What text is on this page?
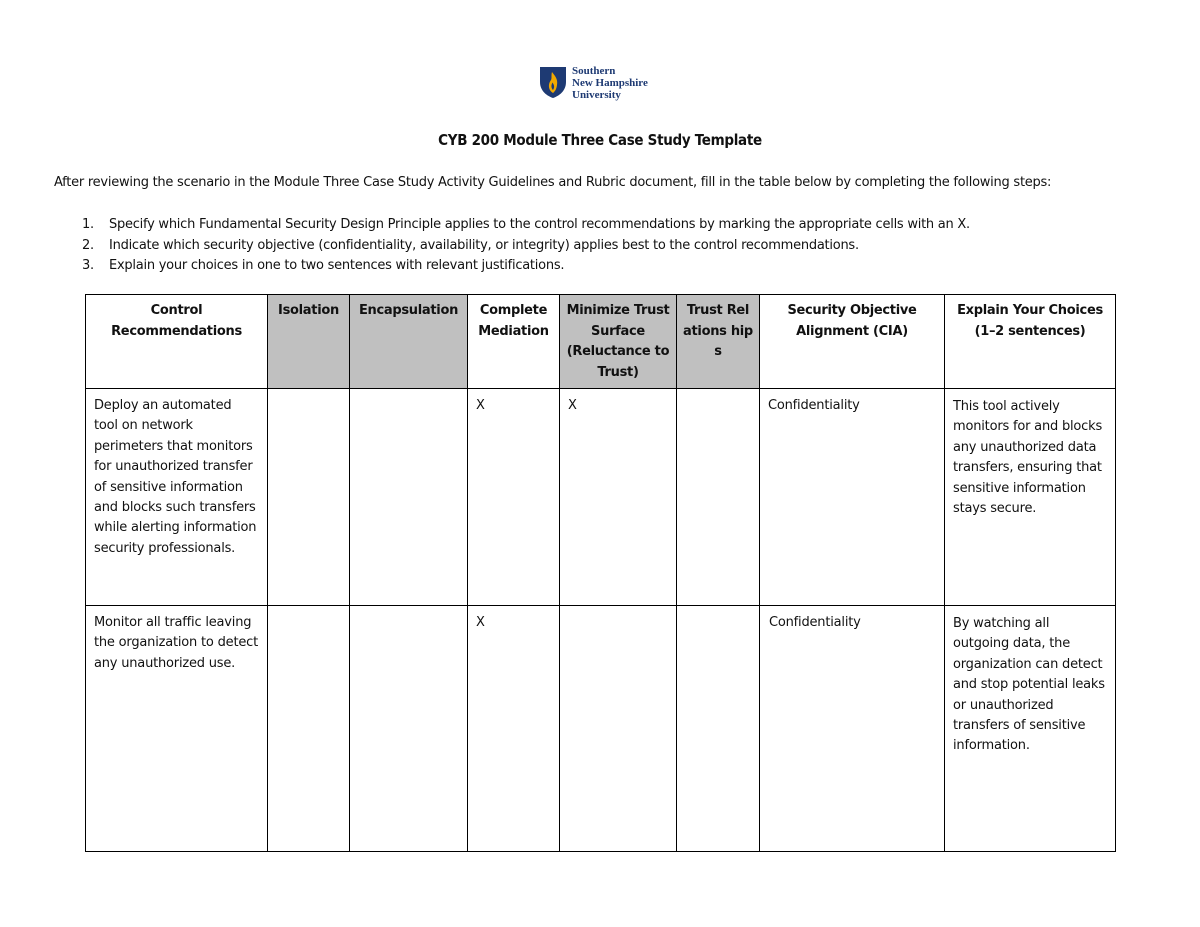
Southern
New Hampshire
University
CYB 200 Module Three Case Study Template
After reviewing the scenario in the Module Three Case Study Activity Guidelines and Rubric document, fill in the table below by completing the following steps:
1.	Specify which Fundamental Security Design Principle applies to the control recommendations by marking the appropriate cells with an X.
2.	Indicate which security objective (confidentiality, availability, or integrity) applies best to the control recommendations.
3.	Explain your choices in one to two sentences with relevant justifications.
Control Recommendations	Isolation	Encapsulation	Complete Mediation	Minimize Trust Surface (Reluctance to Trust)	Trust Relations hips	Security Objective Alignment (CIA)	Explain Your Choices
(1–2 sentences)

Deploy an automated tool on network perimeters that monitors for unauthorized transfer of sensitive information and blocks such transfers while alerting information security professionals.			X	X		Confidentiality	This tool actively monitors for and blocks any unauthorized data transfers, ensuring that sensitive information stays secure.
Monitor all traffic leaving the organization to detect any unauthorized use.			X			Confidentiality	By watching all outgoing data, the organization can detect and stop potential leaks or unauthorized transfers of sensitive information.
